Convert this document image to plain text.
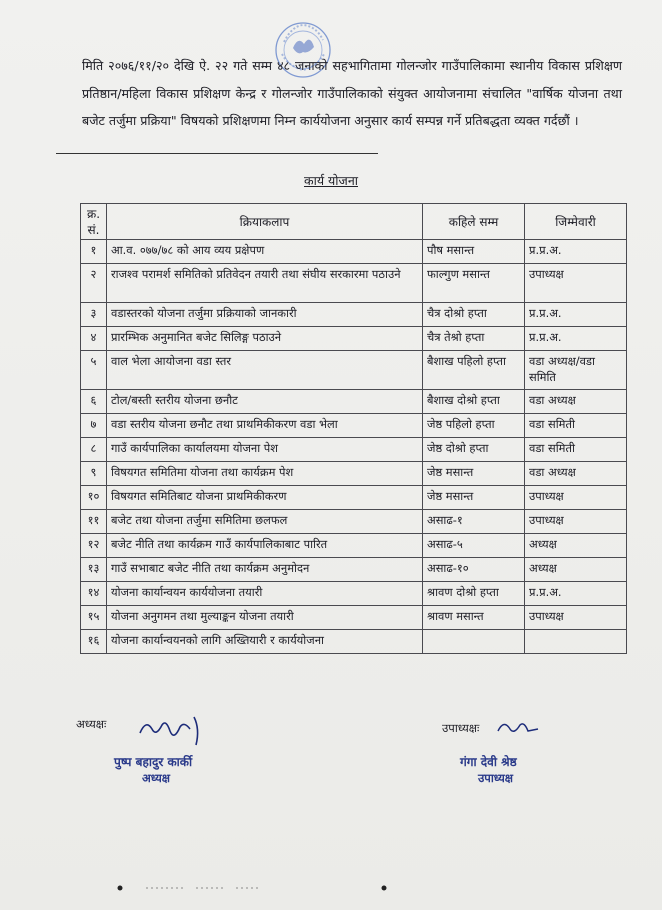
मिति २०७६/११/२० देखि ऐ. २२ गते सम्म ४८ जनाको सहभागितामा गोलन्जोर गाउँपालिकामा स्थानीय विकास प्रशिक्षण प्रतिष्ठान/महिला विकास प्रशिक्षण केन्द्र र गोलन्जोर गाउँपालिकाको संयुक्त आयोजनामा संचालित "वार्षिक योजना तथा बजेट तर्जुमा प्रक्रिया" विषयको प्रशिक्षणमा निम्न कार्ययोजना अनुसार कार्य सम्पन्न गर्ने प्रतिबद्धता व्यक्त गर्दछौं ।
कार्य योजना
क्र. सं.	क्रियाकलाप	कहिले सम्म	जिम्मेवारी
१	आ.व. ०७७/७८ को आय व्यय प्रक्षेपण	पौष मसान्त	प्र.प्र.अ.
२	राजश्व परामर्श समितिको प्रतिवेदन तयारी तथा संघीय सरकारमा पठाउने	फाल्गुण मसान्त	उपाध्यक्ष
३	वडास्तरको योजना तर्जुमा प्रक्रियाको जानकारी	चैत्र दोश्रो हप्ता	प्र.प्र.अ.
४	प्रारम्भिक अनुमानित बजेट सिलिङ्ग पठाउने	चैत्र तेश्रो हप्ता	प्र.प्र.अ.
५	वाल भेला आयोजना वडा स्तर	बैशाख पहिलो हप्ता	वडा अध्यक्ष/वडा समिति
६	टोल/बस्ती स्तरीय योजना छनौट	बैशाख दोश्रो हप्ता	वडा अध्यक्ष
७	वडा स्तरीय योजना छनौट तथा प्राथमिकीकरण वडा भेला	जेष्ठ पहिलो हप्ता	वडा समिती
८	गाउँ कार्यपालिका कार्यालयमा योजना पेश	जेष्ठ दोश्रो हप्ता	वडा समिती
९	विषयगत समितिमा योजना तथा कार्यक्रम पेश	जेष्ठ मसान्त	वडा अध्यक्ष
१०	विषयगत समितिबाट योजना प्राथमिकीकरण	जेष्ठ मसान्त	उपाध्यक्ष
११	बजेट तथा योजना तर्जुमा समितिमा छलफल	असाढ-१	उपाध्यक्ष
१२	बजेट नीति तथा कार्यक्रम गाउँ कार्यपालिकाबाट पारित	असाढ-५	अध्यक्ष
१३	गाउँ सभाबाट बजेट नीति तथा कार्यक्रम अनुमोदन	असाढ-१०	अध्यक्ष
१४	योजना कार्यान्वयन कार्ययोजना तयारी	श्रावण दोश्रो हप्ता	प्र.प्र.अ.
१५	योजना अनुगमन तथा मुल्याङ्कन योजना तयारी	श्रावण मसान्त	उपाध्यक्ष
१६	योजना कार्यान्वयनको लागि अख्तियारी र कार्ययोजना		
अध्यक्षः
पुष्प बहादुर कार्की
अध्यक्ष
उपाध्यक्षः
गंगा देवी श्रेष्ठ
उपाध्यक्ष
